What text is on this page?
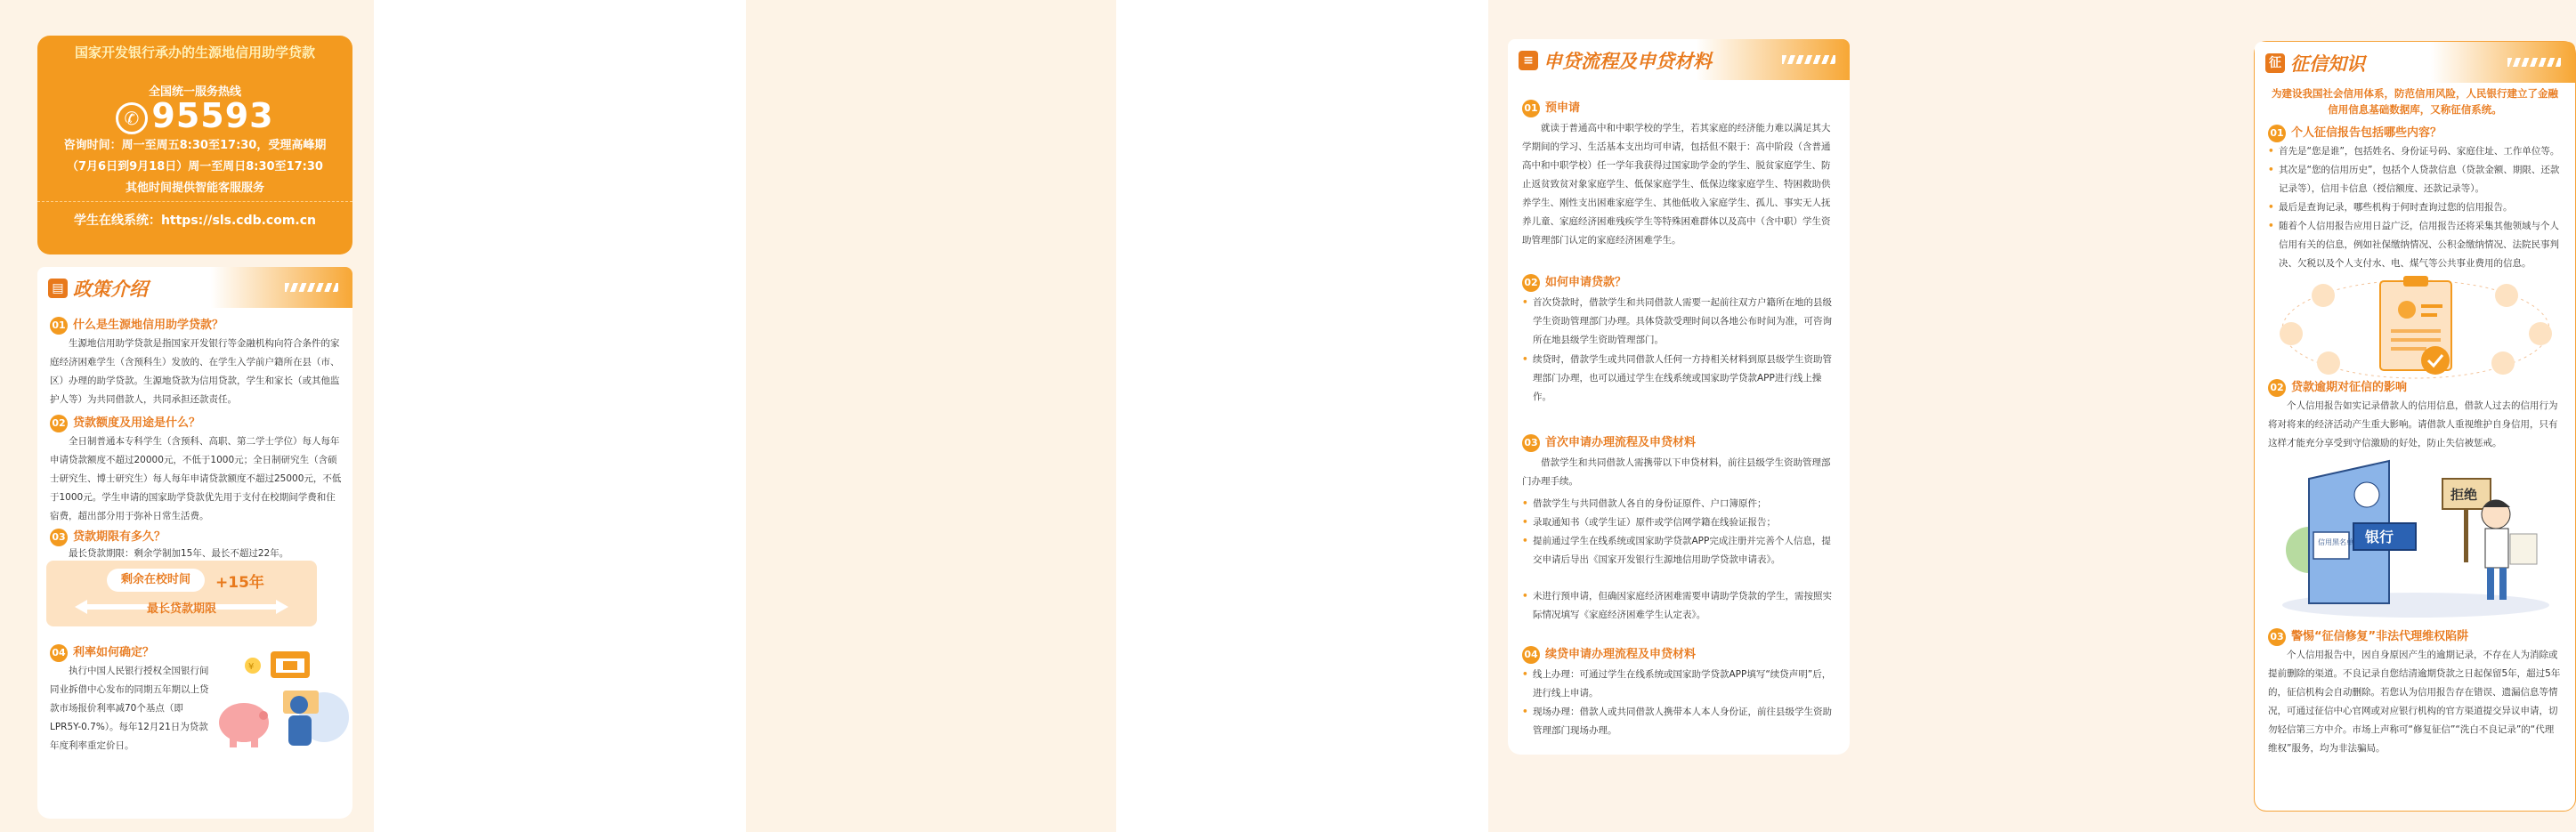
国家开发银行承办的生源地信用助学贷款
全国统一服务热线
✆ 95593
咨询时间：周一至周五8:30至17:30，受理高峰期
（7月6日到9月18日）周一至周日8:30至17:30
其他时间提供智能客服服务
学生在线系统：https://sls.cdb.com.cn
▤ 政策介绍
01 什么是生源地信用助学贷款？
生源地信用助学贷款是指国家开发银行等金融机构向符合条件的家庭经济困难学生（含预科生）发放的、在学生入学前户籍所在县（市、区）办理的助学贷款。生源地贷款为信用贷款，学生和家长（或其他监护人等）为共同借款人，共同承担还款责任。
02 贷款额度及用途是什么？
全日制普通本专科学生（含预科、高职、第二学士学位）每人每年申请贷款额度不超过20000元，不低于1000元；全日制研究生（含硕士研究生、博士研究生）每人每年申请贷款额度不超过25000元，不低于1000元。学生申请的国家助学贷款优先用于支付在校期间学费和住宿费，超出部分用于弥补日常生活费。
03 贷款期限有多久？
最长贷款期限：剩余学制加15年、最长不超过22年。
剩余在校时间	+15年
最长贷款期限
04 利率如何确定？
执行中国人民银行授权全国银行间同业拆借中心发布的同期五年期以上贷款市场报价利率减70个基点（即LPR5Y-0.7%）。每年12月21日为贷款年度利率重定价日。
¥

≡ 申贷流程及申贷材料
01 预申请
就读于普通高中和中职学校的学生，若其家庭的经济能力难以满足其大学期间的学习、生活基本支出均可申请，包括但不限于：高中阶段（含普通高中和中职学校）任一学年我获得过国家助学金的学生、脱贫家庭学生、防止返贫致贫对象家庭学生、低保家庭学生、低保边缘家庭学生、特困救助供养学生、刚性支出困难家庭学生、其他低收入家庭学生、孤儿、事实无人抚养儿童、家庭经济困难残疾学生等特殊困难群体以及高中（含中职）学生资助管理部门认定的家庭经济困难学生。
02 如何申请贷款？
• 首次贷款时，借款学生和共同借款人需要一起前往双方户籍所在地的县级学生资助管理部门办理。具体贷款受理时间以各地公布时间为准，可咨询所在地县级学生资助管理部门。
• 续贷时，借款学生或共同借款人任何一方持相关材料到原县级学生资助管理部门办理，也可以通过学生在线系统或国家助学贷款APP进行线上操作。
03 首次申请办理流程及申贷材料
借款学生和共同借款人需携带以下申贷材料，前往县级学生资助管理部门办理手续。
• 借款学生与共同借款人各自的身份证原件、户口簿原件；
• 录取通知书（或学生证）原件或学信网学籍在线验证报告；
• 提前通过学生在线系统或国家助学贷款APP完成注册并完善个人信息，提交申请后导出《国家开发银行生源地信用助学贷款申请表》。
• 未进行预申请，但确因家庭经济困难需要申请助学贷款的学生，需按照实际情况填写《家庭经济困难学生认定表》。
04 续贷申请办理流程及申贷材料
• 线上办理：可通过学生在线系统或国家助学贷款APP填写“续贷声明”后，进行线上申请。
• 现场办理：借款人或共同借款人携带本人本人身份证，前往县级学生资助管理部门现场办理。
征 征信知识
为建设我国社会信用体系，防范信用风险，人民银行建立了金融信用信息基础数据库，又称征信系统。
01 个人征信报告包括哪些内容？
• 首先是“您是谁”，包括姓名、身份证号码、家庭住址、工作单位等。
• 其次是“您的信用历史”，包括个人贷款信息（贷款金额、期限、还款记录等），信用卡信息（授信额度、还款记录等）。
• 最后是查询记录，哪些机构于何时查询过您的信用报告。
• 随着个人信用报告应用日益广泛，信用报告还将采集其他领域与个人信用有关的信息，例如社保缴纳情况、公积金缴纳情况、法院民事判决、欠税以及个人支付水、电、煤气等公共事业费用的信息。
02 贷款逾期对征信的影响
个人信用报告如实记录借款人的信用信息，借款人过去的信用行为将对将来的经济活动产生重大影响。请借款人重视维护自身信用，只有这样才能充分享受到守信激励的好处，防止失信被惩戒。
银行
信用黑名单
拒绝
03 警惕“征信修复”非法代理维权陷阱
个人信用报告中，因自身原因产生的逾期记录，不存在人为消除或提前删除的渠道。不良记录自您结清逾期贷款之日起保留5年，超过5年的，征信机构会自动删除。若您认为信用报告存在错误、遗漏信息等情况，可通过征信中心官网或对应银行机构的官方渠道提交异议申请，切勿轻信第三方中介。市场上声称可“修复征信”“洗白不良记录”的“代理维权”服务，均为非法骗局。
